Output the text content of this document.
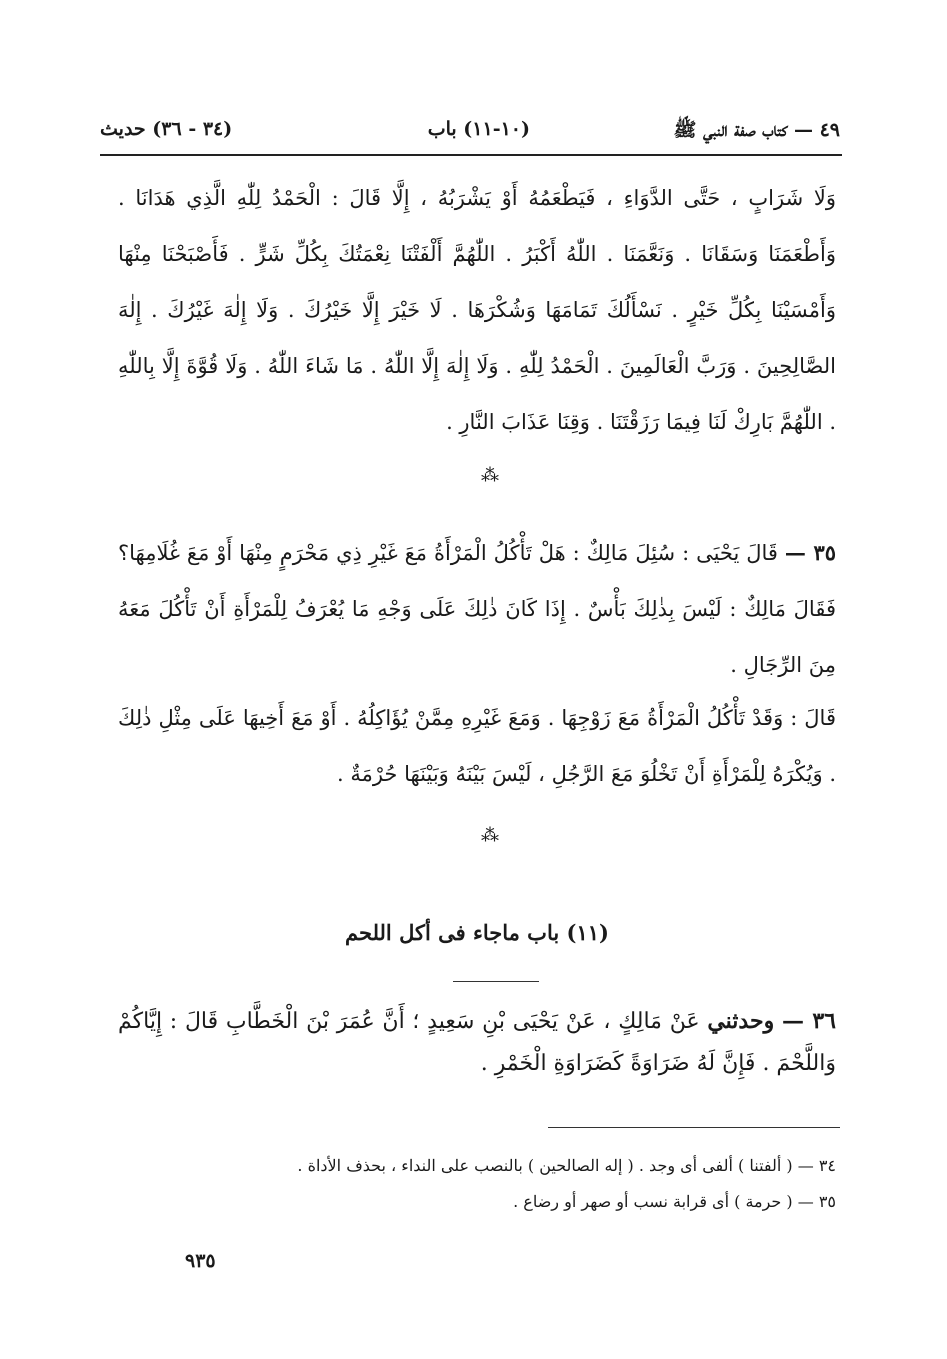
٤٩ — كتاب صفة النبي ﷺ
(١٠-١١) باب
(٣٤ - ٣٦) حديث

وَلَا شَرَابٍ ، حَتَّى الدَّوَاءِ ، فَيَطْعَمُهُ أَوْ يَشْرَبُهُ ، إِلَّا قَالَ : الْحَمْدُ لِلّٰهِ الَّذِي هَدَانَا . وَأَطْعَمَنَا وَسَقَانَا . وَنَعَّمَنَا . اللّٰهُ أَكْبَرُ . اللّٰهُمَّ أَلْفَتْنَا نِعْمَتُكَ بِكُلِّ شَرٍّ . فَأَصْبَحْنَا مِنْهَا وَأَمْسَيْنَا بِكُلِّ خَيْرٍ . نَسْأَلُكَ تَمَامَهَا وَشُكْرَهَا . لَا خَيْرَ إِلَّا خَيْرُكَ . وَلَا إِلٰهَ غَيْرُكَ . إِلٰهَ الصَّالِحِينَ . وَرَبَّ الْعَالَمِينَ . الْحَمْدُ لِلّٰهِ . وَلَا إِلٰهَ إِلَّا اللّٰهُ . مَا شَاءَ اللّٰهُ . وَلَا قُوَّةَ إِلَّا بِاللّٰهِ . اللّٰهُمَّ بَارِكْ لَنَا فِيمَا رَزَقْتَنَا . وَقِنَا عَذَابَ النَّارِ .

⁂

٣٥ — قَالَ يَحْيَى : سُئِلَ مَالِكٌ : هَلْ تَأْكُلُ الْمَرْأَةُ مَعَ غَيْرِ ذِي مَحْرَمٍ مِنْهَا أَوْ مَعَ غُلَامِهَا؟ فَقَالَ مَالِكٌ : لَيْسَ بِذٰلِكَ بَأْسٌ . إِذَا كَانَ ذٰلِكَ عَلَى وَجْهِ مَا يُعْرَفُ لِلْمَرْأَةِ أَنْ تَأْكُلَ مَعَهُ مِنَ الرِّجَالِ .

قَالَ : وَقَدْ تَأْكُلُ الْمَرْأَةُ مَعَ زَوْجِهَا . وَمَعَ غَيْرِهِ مِمَّنْ يُؤَاكِلُهُ . أَوْ مَعَ أَخِيهَا عَلَى مِثْلِ ذٰلِكَ . وَيُكْرَهُ لِلْمَرْأَةِ أَنْ تَخْلُوَ مَعَ الرَّجُلِ ، لَيْسَ بَيْنَهُ وَبَيْنَهَا حُرْمَةٌ .

⁂
(١١) باب ماجاء فى أكل اللحم

٣٦ — وحدثني عَنْ مَالِكٍ ، عَنْ يَحْيَى بْنِ سَعِيدٍ ؛ أَنَّ عُمَرَ بْنَ الْخَطَّابِ قَالَ : إِيَّاكُمْ وَاللَّحْمَ . فَإِنَّ لَهُ ضَرَاوَةً كَضَرَاوَةِ الْخَمْرِ .

٣٤ — ( ألفتنا ) ألفى أى وجد . ( إله الصالحين ) بالنصب على النداء ، بحذف الأداة .
٣٥ — ( حرمة ) أى قرابة نسب أو صهر أو رضاع .
٩٣٥
